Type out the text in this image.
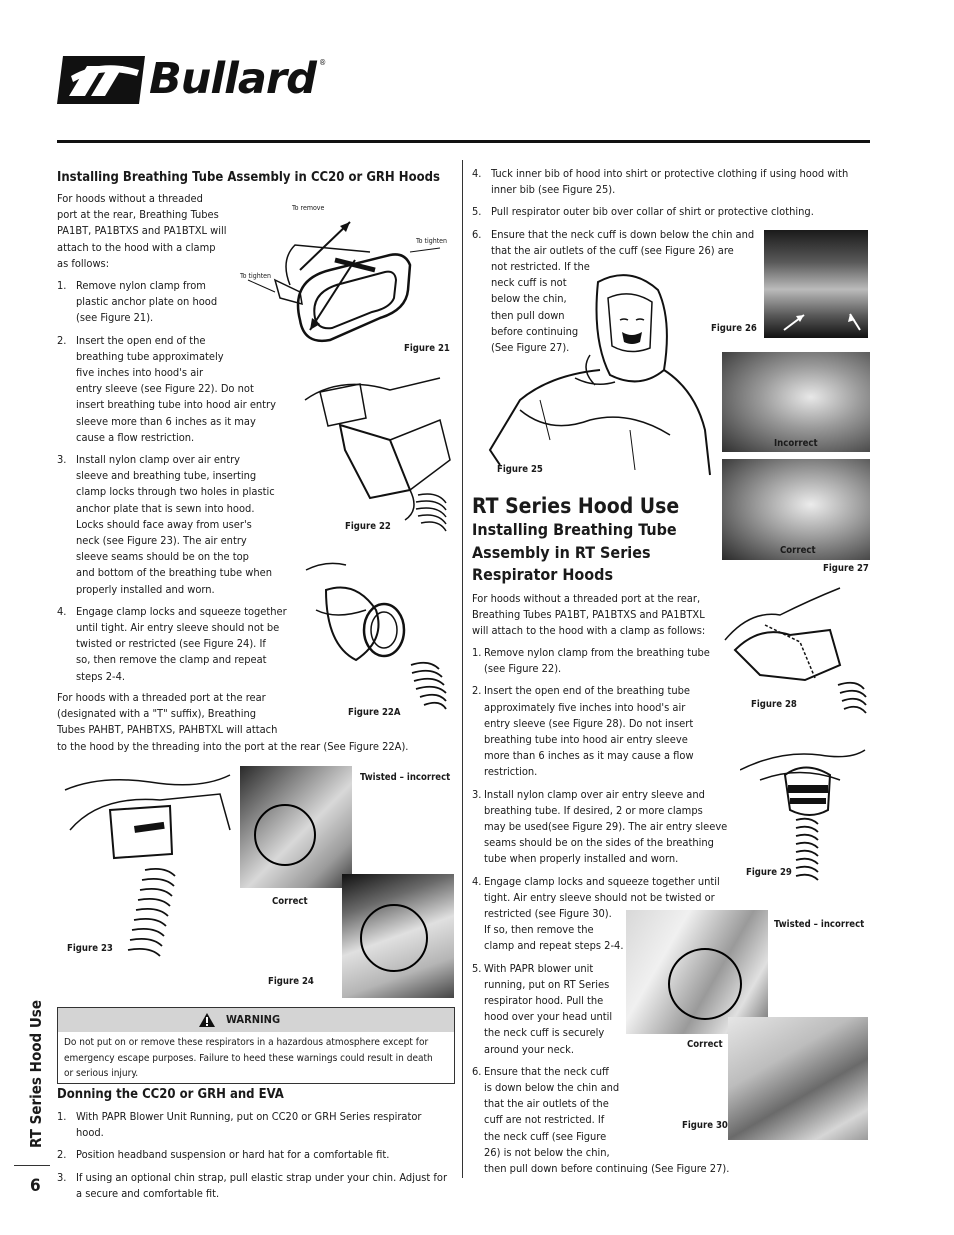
Bullard ®
RT Series Hood Use
6
Installing Breathing Tube Assembly in CC20 or GRH Hoods
For hoods without a threaded
port at the rear, Breathing Tubes
PA1BT, PA1BTXS and PA1BTXL will
attach to the hood with a clamp
as follows:
1. Remove nylon clamp from
plastic anchor plate on hood
(see Figure 21).
2. Insert the open end of the
breathing tube approximately
five inches into hood's air
entry sleeve (see Figure 22). Do not
insert breathing tube into hood air entry
sleeve more than 6 inches as it may
cause a flow restriction.
3. Install nylon clamp over air entry
sleeve and breathing tube, inserting
clamp locks through two holes in plastic
anchor plate that is sewn into hood.
Locks should face away from user's
neck (see Figure 23). The air entry
sleeve seams should be on the top
and bottom of the breathing tube when
properly installed and worn.
4. Engage clamp locks and squeeze together
until tight. Air entry sleeve should not be
twisted or restricted (see Figure 24). If
so, then remove the clamp and repeat
steps 2-4.
For hoods with a threaded port at the rear
(designated with a "T" suffix), Breathing
Tubes PAHBT, PAHBTXS, PAHBTXL will attach
to the hood by the threading into the port at the rear (See Figure 22A).
To remove
To tighten
To tighten
Figure 21
Figure 22
Figure 22A
Figure 23
Twisted – incorrect
Correct
Figure 24
WARNING
Do not put on or remove these respirators in a hazardous atmosphere except for
emergency escape purposes. Failure to heed these warnings could result in death
or serious injury.
Donning the CC20 or GRH and EVA
1. With PAPR Blower Unit Running, put on CC20 or GRH Series respirator
hood.
2. Position headband suspension or hard hat for a comfortable fit.
3. If using an optional chin strap, pull elastic strap under your chin. Adjust for
a secure and comfortable fit.
4. Tuck inner bib of hood into shirt or protective clothing if using hood with
inner bib (see Figure 25).
5. Pull respirator outer bib over collar of shirt or protective clothing.
6. Ensure that the neck cuff is down below the chin and
that the air outlets of the cuff (see Figure 26) are
not restricted. If the
neck cuff is not
below the chin,
then pull down
before continuing
(See Figure 27).
Figure 25
Figure 26
Incorrect
Correct
Figure 27
RT Series Hood Use
Installing Breathing Tube
Assembly in RT Series
Respirator Hoods
For hoods without a threaded port at the rear,
Breathing Tubes PA1BT, PA1BTXS and PA1BTXL
will attach to the hood with a clamp as follows:
1. Remove nylon clamp from the breathing tube
(see Figure 22).
2. Insert the open end of the breathing tube
approximately five inches into hood's air
entry sleeve (see Figure 28). Do not insert
breathing tube into hood air entry sleeve
more than 6 inches as it may cause a flow
restriction.
3. Install nylon clamp over air entry sleeve and
breathing tube. If desired, 2 or more clamps
may be used(see Figure 29). The air entry sleeve
seams should be on the sides of the breathing
tube when properly installed and worn.
4. Engage clamp locks and squeeze together until
tight. Air entry sleeve should not be twisted or
restricted (see Figure 30).
If so, then remove the
clamp and repeat steps 2-4.
5. With PAPR blower unit
running, put on RT Series
respirator hood. Pull the
hood over your head until
the neck cuff is securely
around your neck.
6. Ensure that the neck cuff
is down below the chin and
that the air outlets of the
cuff are not restricted. If
the neck cuff (see Figure
26) is not below the chin,
then pull down before continuing (See Figure 27).
Figure 28
Figure 29
Twisted – incorrect
Correct
Figure 30
